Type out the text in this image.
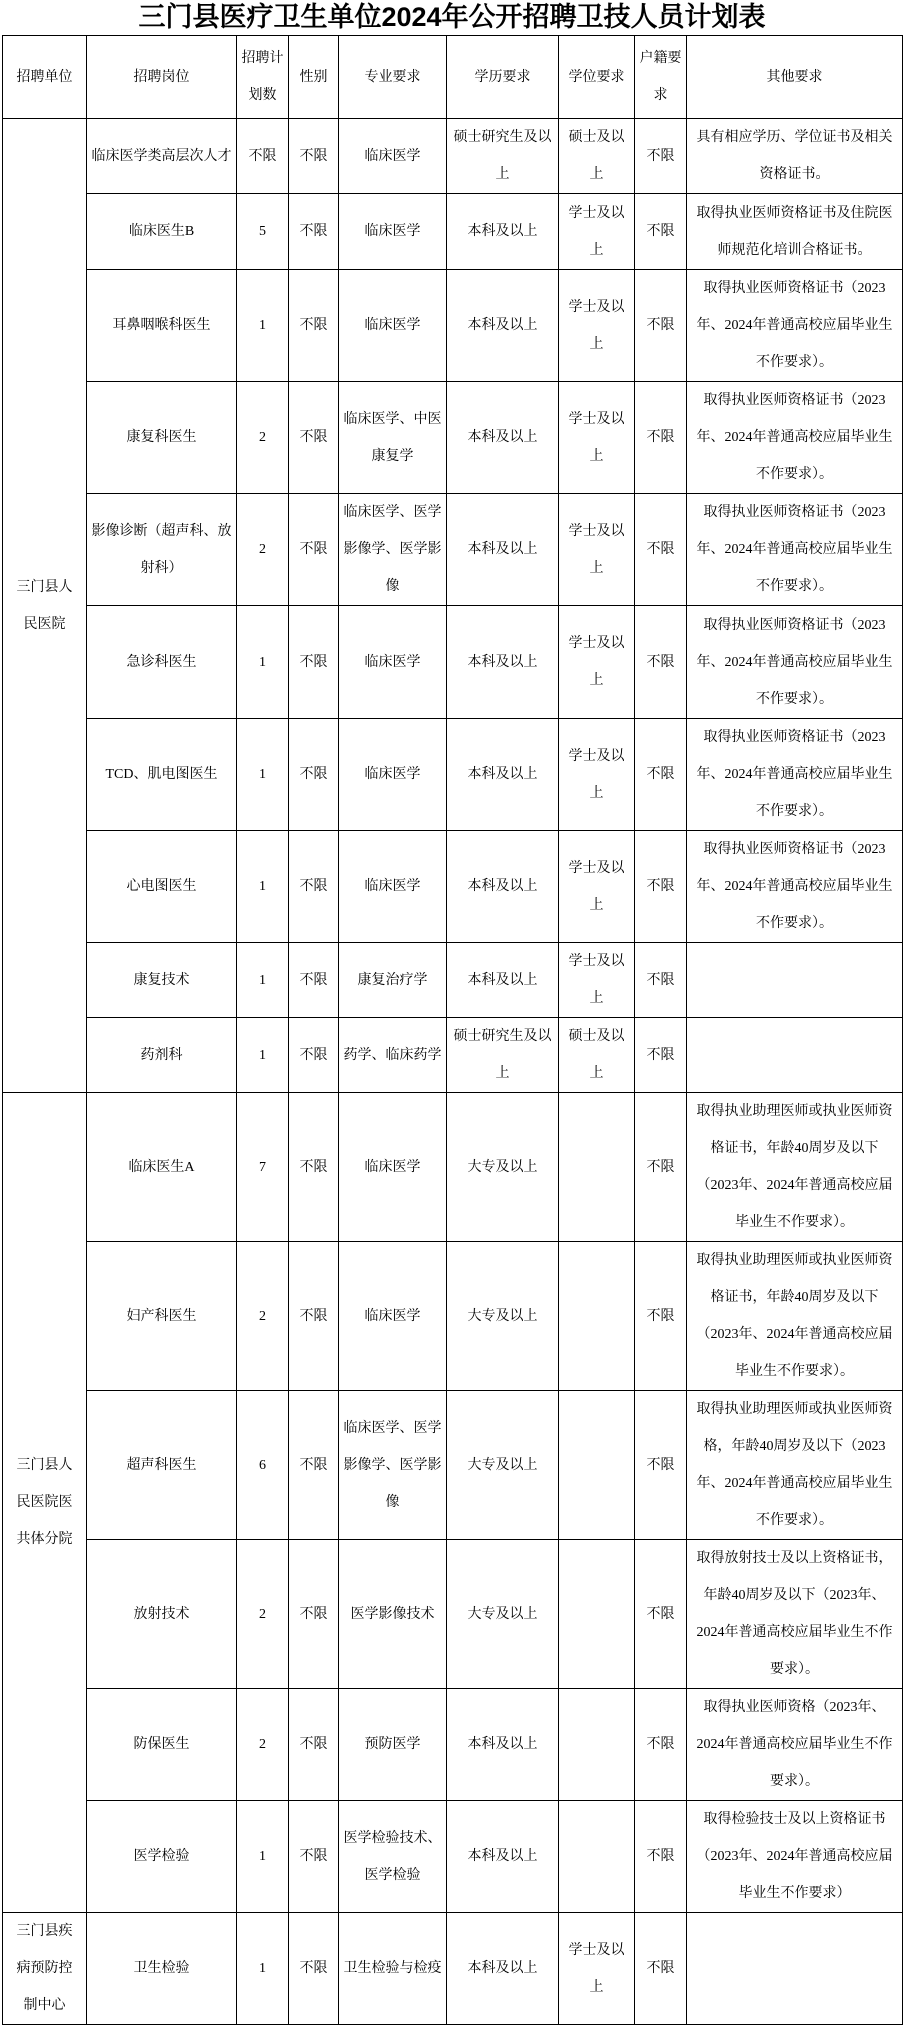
三门县医疗卫生单位2024年公开招聘卫技人员计划表
招聘单位	招聘岗位	招聘计划数	性别	专业要求	学历要求	学位要求	户籍要求	其他要求
三门县人民医院	临床医学类高层次人才	不限	不限	临床医学	硕士研究生及以上	硕士及以上	不限	具有相应学历、学位证书及相关资格证书。
	临床医生B	5	不限	临床医学	本科及以上	学士及以上	不限	取得执业医师资格证书及住院医师规范化培训合格证书。
	耳鼻咽喉科医生	1	不限	临床医学	本科及以上	学士及以上	不限	取得执业医师资格证书（2023年、2024年普通高校应届毕业生不作要求）。
	康复科医生	2	不限	临床医学、中医康复学	本科及以上	学士及以上	不限	取得执业医师资格证书（2023年、2024年普通高校应届毕业生不作要求）。
	影像诊断（超声科、放射科）	2	不限	临床医学、医学影像学、医学影像	本科及以上	学士及以上	不限	取得执业医师资格证书（2023年、2024年普通高校应届毕业生不作要求）。
	急诊科医生	1	不限	临床医学	本科及以上	学士及以上	不限	取得执业医师资格证书（2023年、2024年普通高校应届毕业生不作要求）。
	TCD、肌电图医生	1	不限	临床医学	本科及以上	学士及以上	不限	取得执业医师资格证书（2023年、2024年普通高校应届毕业生不作要求）。
	心电图医生	1	不限	临床医学	本科及以上	学士及以上	不限	取得执业医师资格证书（2023年、2024年普通高校应届毕业生不作要求）。
	康复技术	1	不限	康复治疗学	本科及以上	学士及以上	不限	
	药剂科	1	不限	药学、临床药学	硕士研究生及以上	硕士及以上	不限	
三门县人民医院医共体分院	临床医生A	7	不限	临床医学	大专及以上		不限	取得执业助理医师或执业医师资格证书，年龄40周岁及以下（2023年、2024年普通高校应届毕业生不作要求）。
	妇产科医生	2	不限	临床医学	大专及以上		不限	取得执业助理医师或执业医师资格证书，年龄40周岁及以下（2023年、2024年普通高校应届毕业生不作要求）。
	超声科医生	6	不限	临床医学、医学影像学、医学影像	大专及以上		不限	取得执业助理医师或执业医师资格，年龄40周岁及以下（2023年、2024年普通高校应届毕业生不作要求）。
	放射技术	2	不限	医学影像技术	大专及以上		不限	取得放射技士及以上资格证书，年龄40周岁及以下（2023年、2024年普通高校应届毕业生不作要求）。
	防保医生	2	不限	预防医学	本科及以上		不限	取得执业医师资格（2023年、2024年普通高校应届毕业生不作要求）。
	医学检验	1	不限	医学检验技术、医学检验	本科及以上		不限	取得检验技士及以上资格证书（2023年、2024年普通高校应届毕业生不作要求）
三门县疾病预防控制中心	卫生检验	1	不限	卫生检验与检疫	本科及以上	学士及以上	不限	
